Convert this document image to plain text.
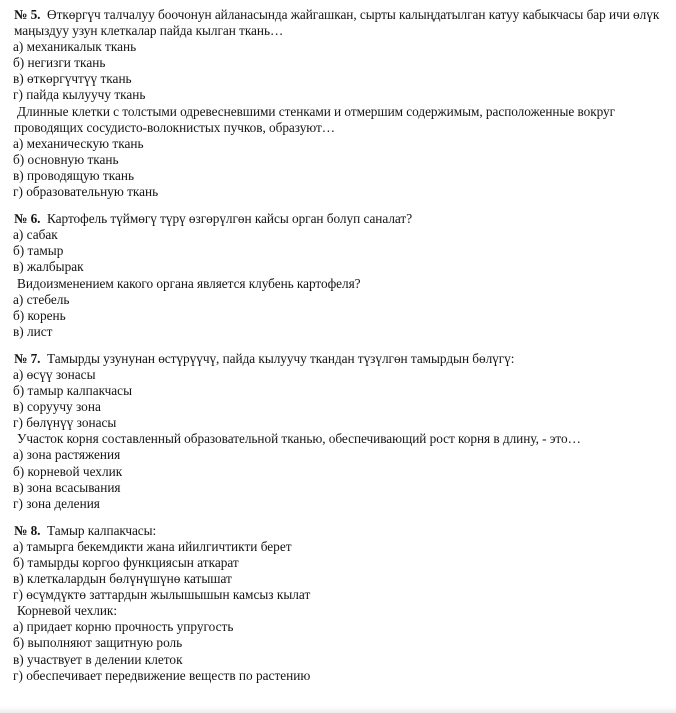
№ 5. Өткөргүч талчалуу боочонун айланасында жайгашкан, сырты калыңдатылган катуу кабыкчасы бар ичи өлүк

маңыздуу узун клеткалар пайда кылган ткань…

а) механикалык ткань

б) негизги ткань

в) өткөргүчтүү ткань

г) пайда кылуучу ткань

Длинные клетки с толстыми одревесневшими стенками и отмершим содержимым, расположенные вокруг

проводящих сосудисто-волокнистых пучков, образуют…

а) механическую ткань

б) основную ткань

в) проводящую ткань

г) образовательную ткань

№ 6. Картофель түймөгү түрү өзгөрүлгөн кайсы орган болуп саналат?

а) сабак

б) тамыр

в) жалбырак

Видоизменением какого органа является клубень картофеля?

а) стебель

б) корень

в) лист

№ 7. Тамырды узунунан өстүрүүчү, пайда кылуучу ткандан түзүлгөн тамырдын бөлүгү:

а) өсүү зонасы

б) тамыр калпакчасы

в) соруучу зона

г) бөлүнүү зонасы

Участок корня составленный образовательной тканью, обеспечивающий рост корня в длину, - это…

а) зона растяжения

б) корневой чехлик

в) зона всасывания

г) зона деления

№ 8. Тамыр калпакчасы:

а) тамырга бекемдикти жана ийилгичтикти берет

б) тамырды коргоо функциясын аткарат

в) клеткалардын бөлүнүшүнө катышат

г) өсүмдүктө заттардын жылышышын камсыз кылат

Корневой чехлик:

а) придает корню прочность упругость

б) выполняют защитную роль

в) участвует в делении клеток

г) обеспечивает передвижение веществ по растению
